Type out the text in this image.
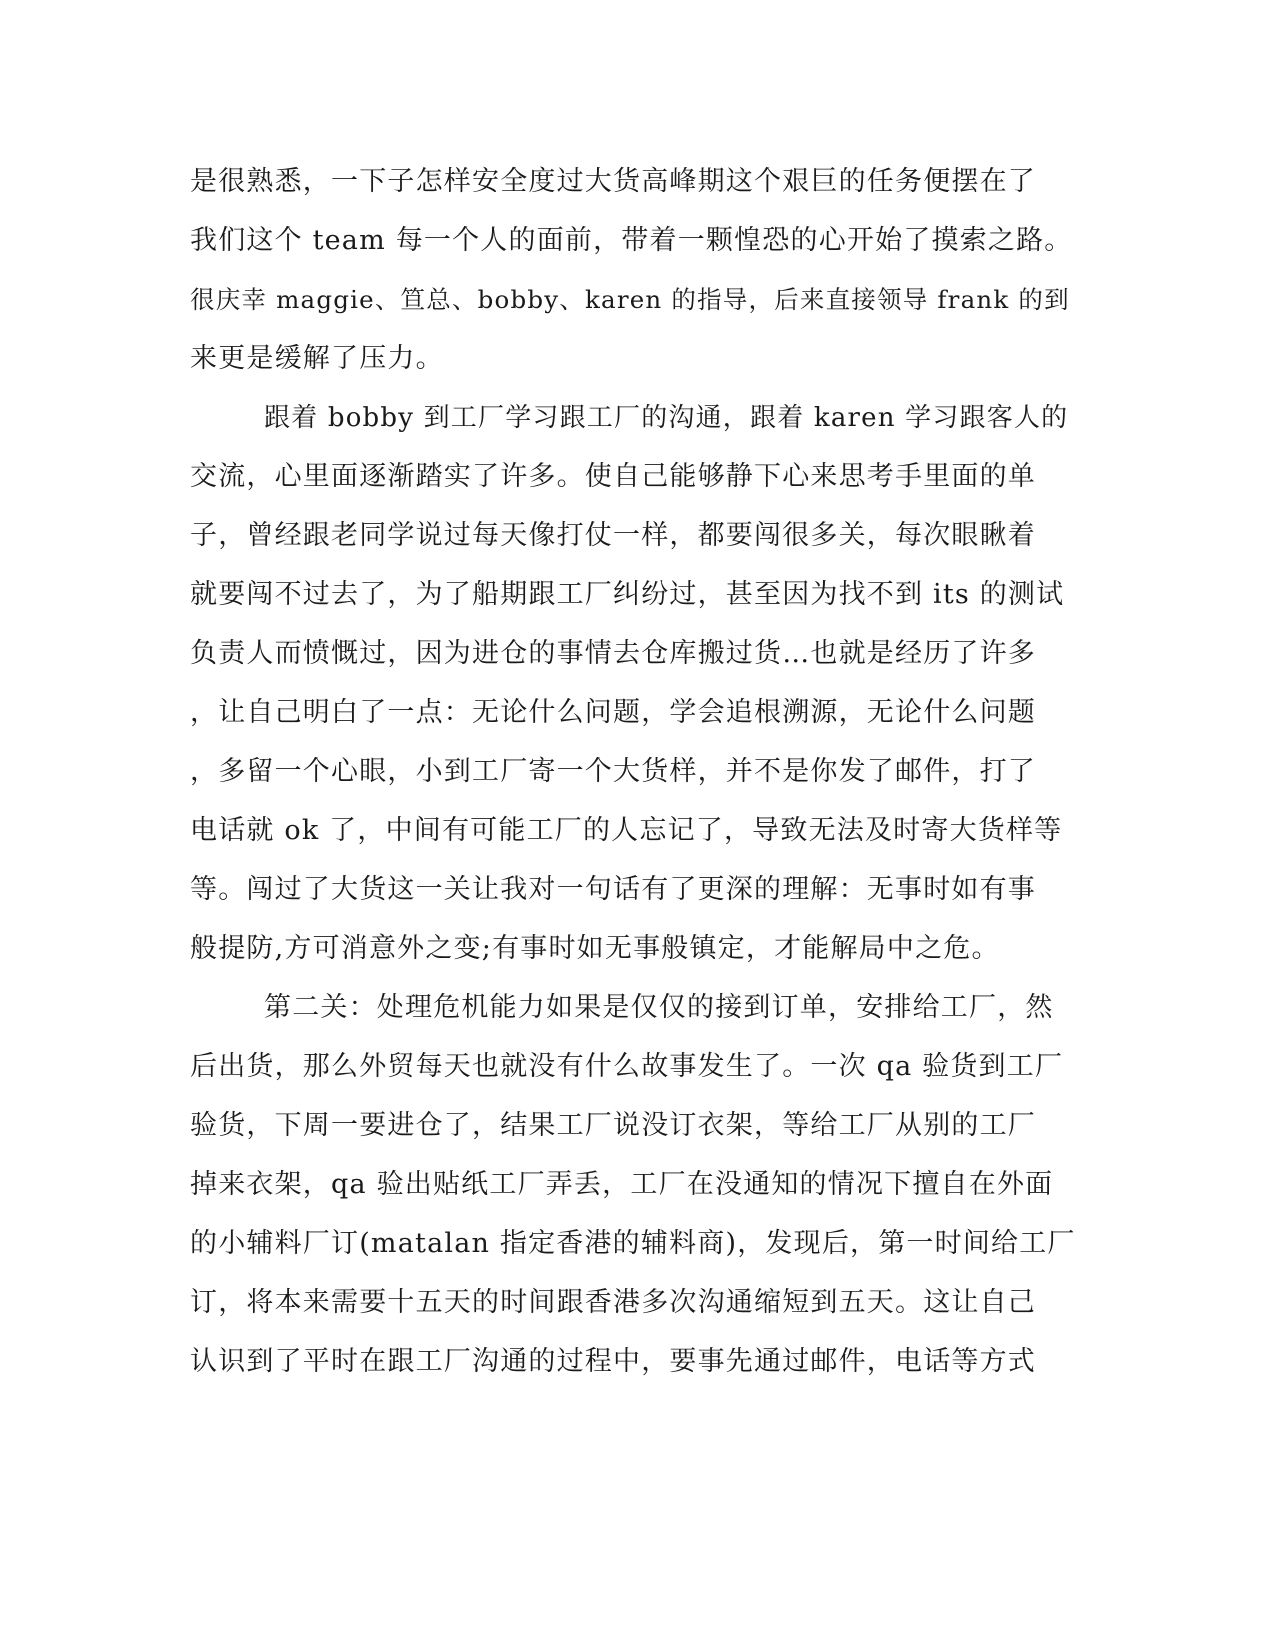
是很熟悉，一下子怎样安全度过大货高峰期这个艰巨的任务便摆在了
我们这个 team 每一个人的面前，带着一颗惶恐的心开始了摸索之路。
很庆幸 maggie、笪总、bobby、karen 的指导，后来直接领导 frank 的到
来更是缓解了压力。
跟着 bobby 到工厂学习跟工厂的沟通，跟着 karen 学习跟客人的
交流，心里面逐渐踏实了许多。使自己能够静下心来思考手里面的单
子，曾经跟老同学说过每天像打仗一样，都要闯很多关，每次眼瞅着
就要闯不过去了，为了船期跟工厂纠纷过，甚至因为找不到 its 的测试
负责人而愤慨过，因为进仓的事情去仓库搬过货…也就是经历了许多
，让自己明白了一点：无论什么问题，学会追根溯源，无论什么问题
，多留一个心眼，小到工厂寄一个大货样，并不是你发了邮件，打了
电话就 ok 了，中间有可能工厂的人忘记了，导致无法及时寄大货样等
等。闯过了大货这一关让我对一句话有了更深的理解：无事时如有事
般提防,方可消意外之变;有事时如无事般镇定，才能解局中之危。
第二关：处理危机能力如果是仅仅的接到订单，安排给工厂，然
后出货，那么外贸每天也就没有什么故事发生了。一次 qa 验货到工厂
验货，下周一要进仓了，结果工厂说没订衣架，等给工厂从别的工厂
掉来衣架，qa 验出贴纸工厂弄丢，工厂在没通知的情况下擅自在外面
的小辅料厂订(matalan 指定香港的辅料商)，发现后，第一时间给工厂
订，将本来需要十五天的时间跟香港多次沟通缩短到五天。这让自己
认识到了平时在跟工厂沟通的过程中，要事先通过邮件，电话等方式
